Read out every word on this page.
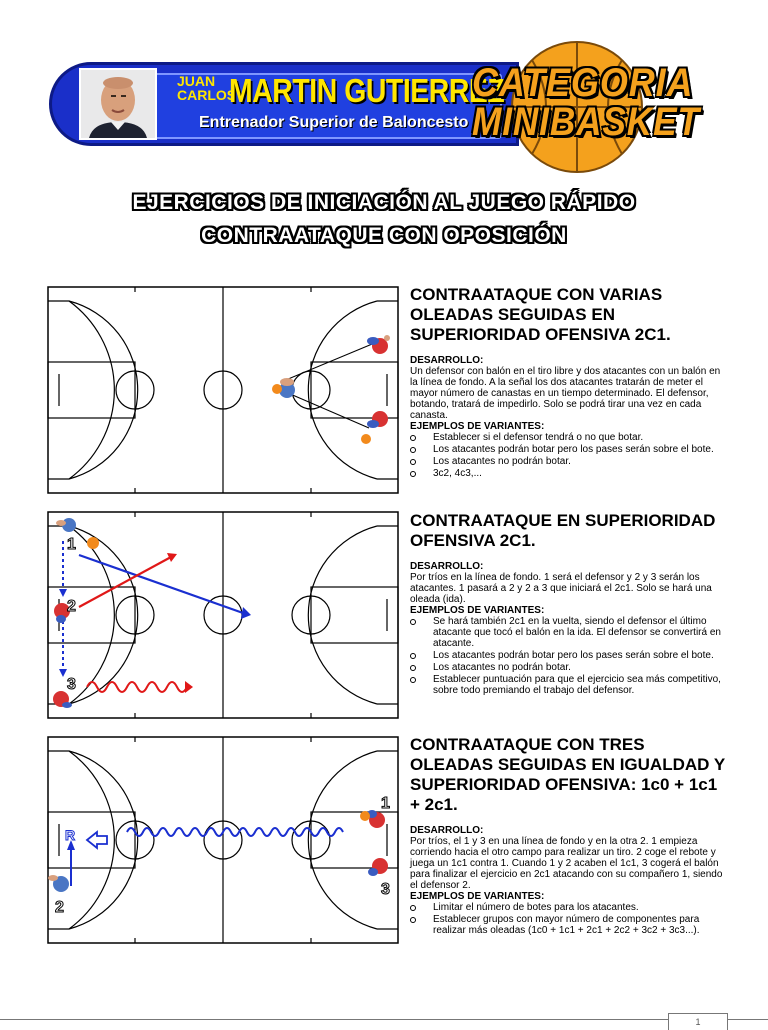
JUAN
CARLOS
MARTIN GUTIERREZ
Entrenador Superior de Baloncesto
CATEGORIA
MINIBASKET
EJERCICIOS DE INICIACIÓN AL JUEGO RÁPIDO
CONTRAATAQUE CON OPOSICIÓN
1
2
3
R
2
1
3
CONTRAATAQUE CON VARIAS OLEADAS SEGUIDAS EN SUPERIORIDAD OFENSIVA 2C1.
DESARROLLO:
Un defensor con balón en el tiro libre y dos atacantes con un balón en la línea de fondo. A la señal los dos atacantes tratarán de meter el mayor número de canastas en un tiempo determinado. El defensor, botando, tratará de impedirlo. Solo se podrá tirar una vez en cada canasta.
EJEMPLOS DE VARIANTES:
Establecer si el defensor tendrá o no que botar.
Los atacantes podrán botar pero los pases serán sobre el bote.
Los atacantes no podrán botar.
3c2, 4c3,...
CONTRAATAQUE EN SUPERIORIDAD OFENSIVA 2C1.
DESARROLLO:
Por tríos en la línea de fondo. 1 será el defensor y 2 y 3 serán los atacantes. 1 pasará a 2 y 2 a 3 que iniciará el 2c1. Solo se hará una oleada (ida).
EJEMPLOS DE VARIANTES:
Se hará también 2c1 en la vuelta, siendo el defensor el último atacante que tocó el balón en la ida. El defensor se convertirá en atacante.
Los atacantes podrán botar pero los pases serán sobre el bote.
Los atacantes no podrán botar.
Establecer puntuación para que el ejercicio sea más competitivo, sobre todo premiando el trabajo del defensor.
CONTRAATAQUE CON TRES OLEADAS SEGUIDAS EN IGUALDAD Y SUPERIORIDAD OFENSIVA: 1c0 + 1c1 + 2c1.
DESARROLLO:
Por tríos, el 1 y 3 en una línea de fondo y en la otra 2. 1 empieza corriendo hacia el otro campo para realizar un tiro. 2 coge el rebote y juega un 1c1 contra 1. Cuando 1 y 2 acaben el 1c1, 3 cogerá el balón para finalizar el ejercicio en 2c1 atacando con su compañero 1, siendo el defensor 2.
EJEMPLOS DE VARIANTES:
Limitar el número de botes para los atacantes.
Establecer grupos con mayor número de componentes para realizar más oleadas (1c0 + 1c1 + 2c1 + 2c2 + 3c2 + 3c3...).
1
